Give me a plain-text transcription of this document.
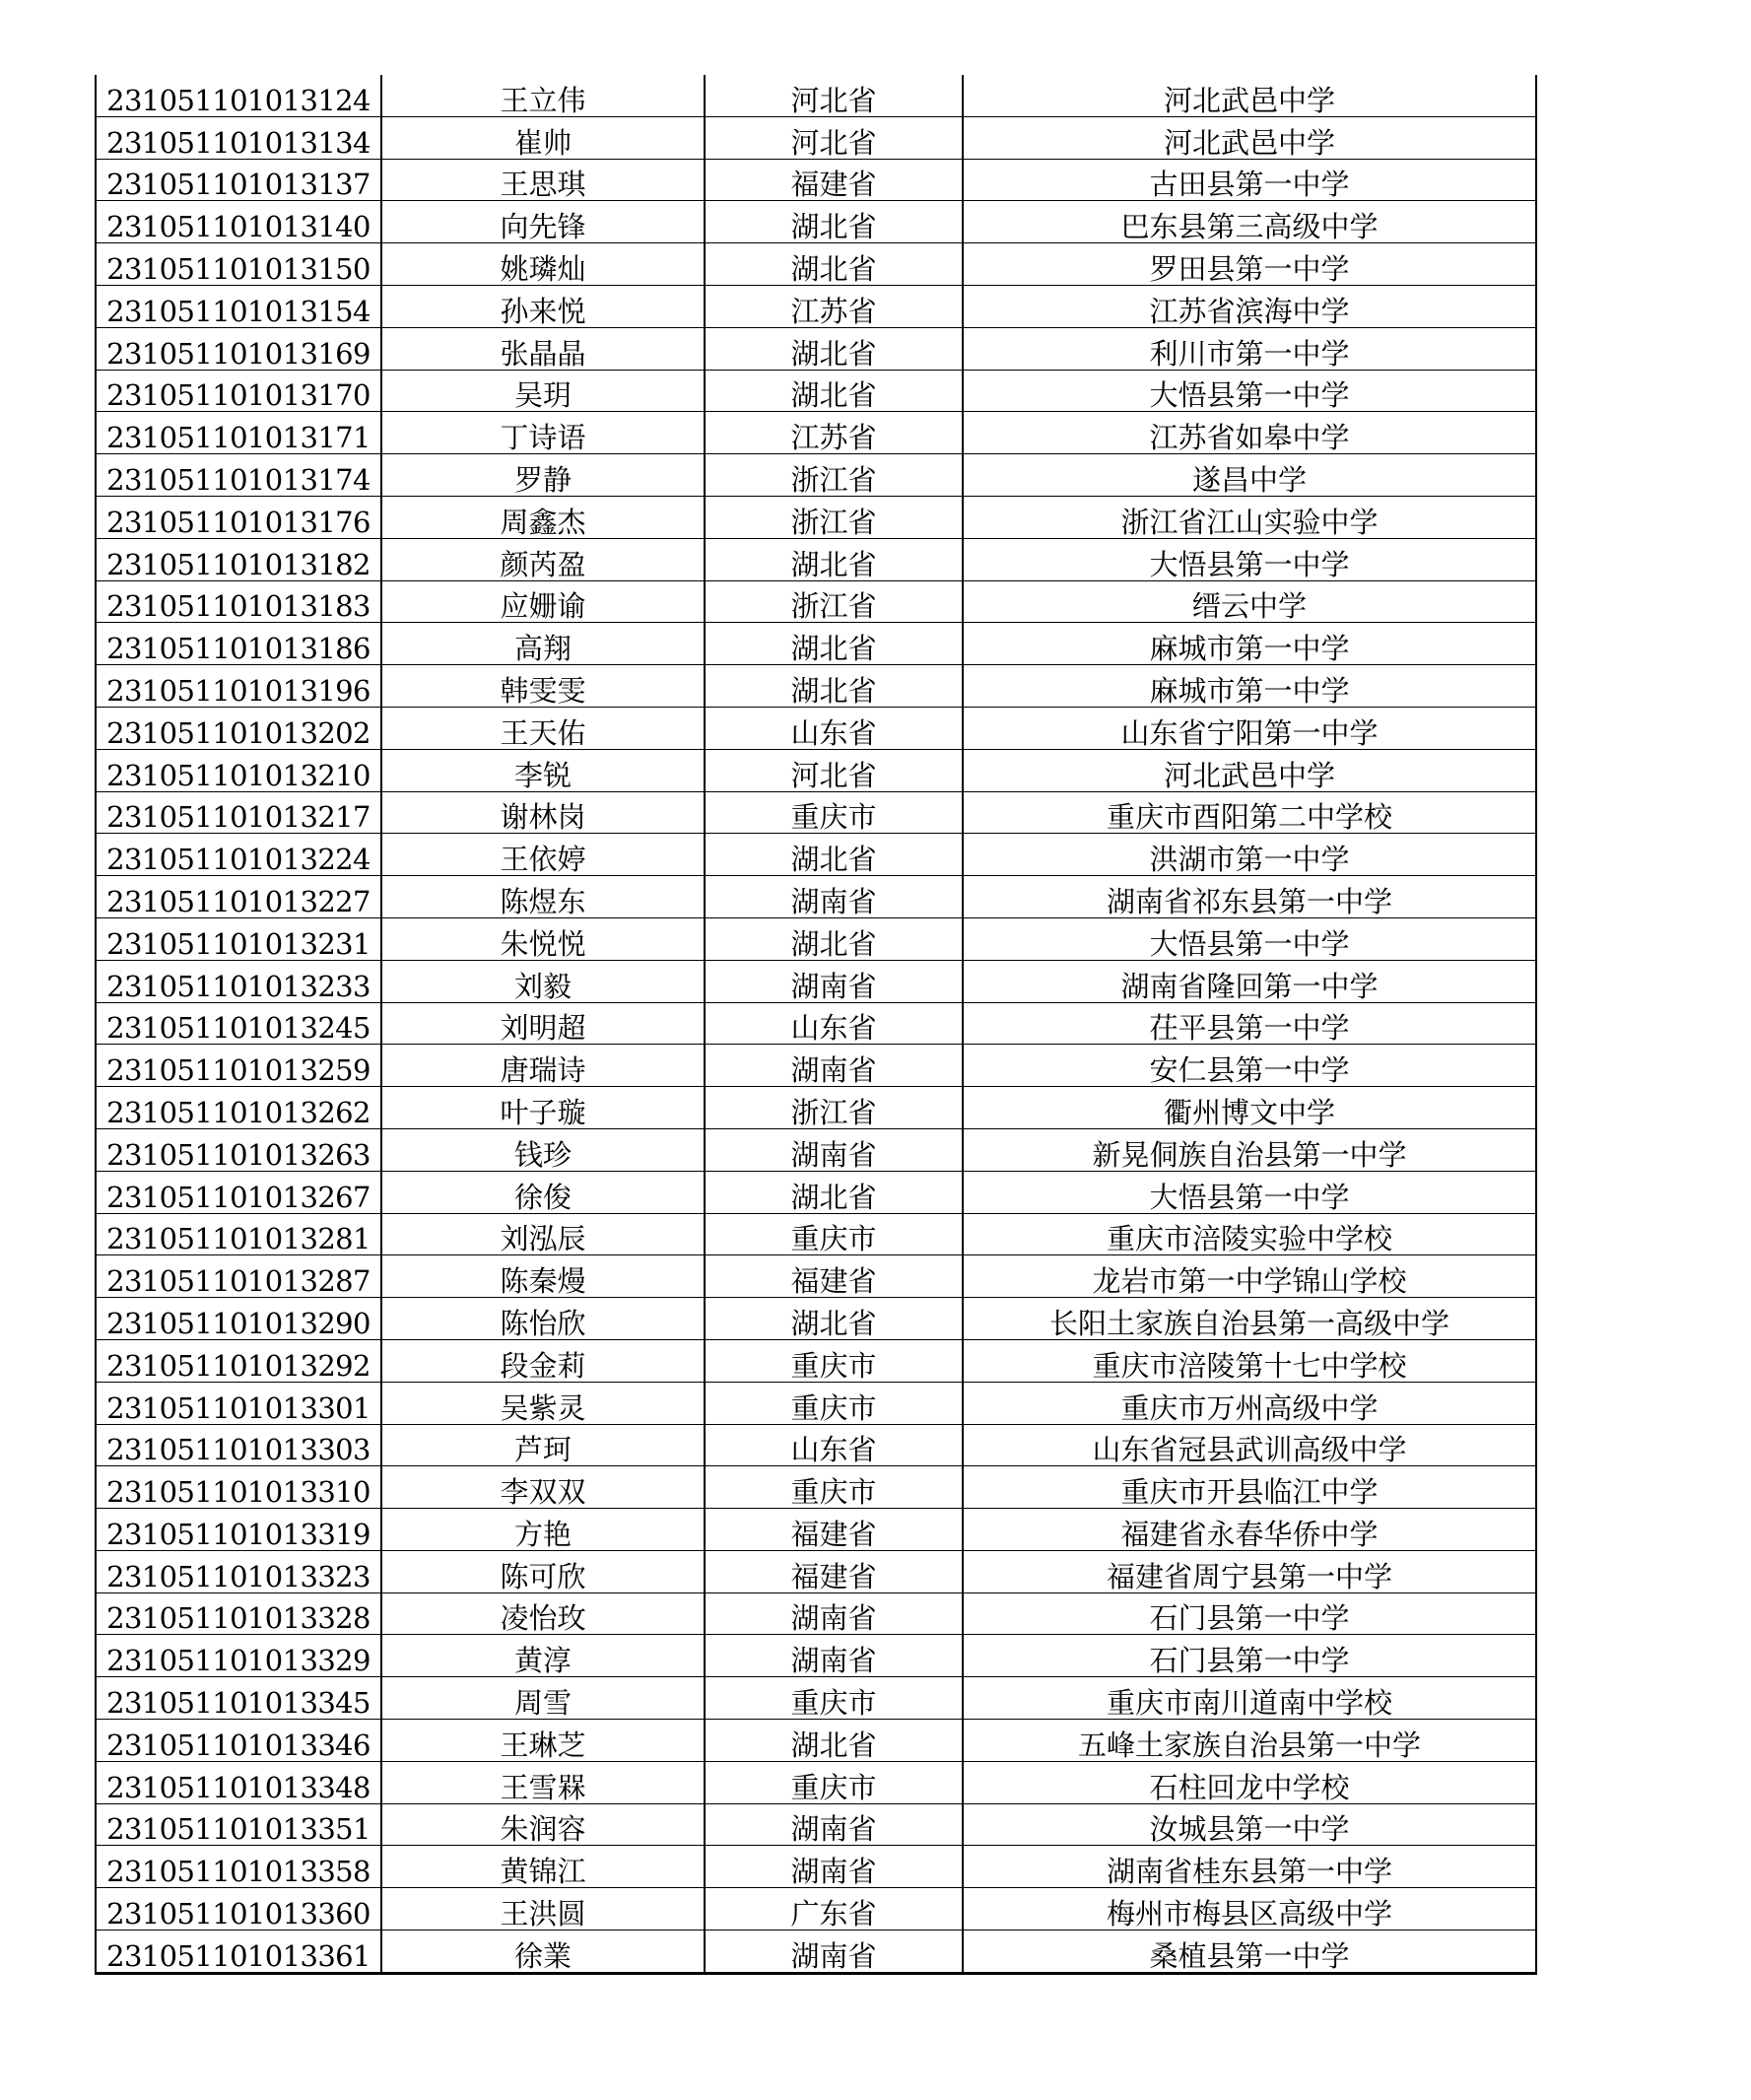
231051101013124	王立伟	河北省	河北武邑中学
231051101013134	崔帅	河北省	河北武邑中学
231051101013137	王思琪	福建省	古田县第一中学
231051101013140	向先锋	湖北省	巴东县第三高级中学
231051101013150	姚璘灿	湖北省	罗田县第一中学
231051101013154	孙来悦	江苏省	江苏省滨海中学
231051101013169	张晶晶	湖北省	利川市第一中学
231051101013170	吴玥	湖北省	大悟县第一中学
231051101013171	丁诗语	江苏省	江苏省如皋中学
231051101013174	罗静	浙江省	遂昌中学
231051101013176	周鑫杰	浙江省	浙江省江山实验中学
231051101013182	颜芮盈	湖北省	大悟县第一中学
231051101013183	应姗谕	浙江省	缙云中学
231051101013186	高翔	湖北省	麻城市第一中学
231051101013196	韩雯雯	湖北省	麻城市第一中学
231051101013202	王天佑	山东省	山东省宁阳第一中学
231051101013210	李锐	河北省	河北武邑中学
231051101013217	谢林岗	重庆市	重庆市酉阳第二中学校
231051101013224	王依婷	湖北省	洪湖市第一中学
231051101013227	陈煜东	湖南省	湖南省祁东县第一中学
231051101013231	朱悦悦	湖北省	大悟县第一中学
231051101013233	刘毅	湖南省	湖南省隆回第一中学
231051101013245	刘明超	山东省	茌平县第一中学
231051101013259	唐瑞诗	湖南省	安仁县第一中学
231051101013262	叶子璇	浙江省	衢州博文中学
231051101013263	钱珍	湖南省	新晃侗族自治县第一中学
231051101013267	徐俊	湖北省	大悟县第一中学
231051101013281	刘泓辰	重庆市	重庆市涪陵实验中学校
231051101013287	陈秦熳	福建省	龙岩市第一中学锦山学校
231051101013290	陈怡欣	湖北省	长阳土家族自治县第一高级中学
231051101013292	段金莉	重庆市	重庆市涪陵第十七中学校
231051101013301	吴紫灵	重庆市	重庆市万州高级中学
231051101013303	芦珂	山东省	山东省冠县武训高级中学
231051101013310	李双双	重庆市	重庆市开县临江中学
231051101013319	方艳	福建省	福建省永春华侨中学
231051101013323	陈可欣	福建省	福建省周宁县第一中学
231051101013328	凌怡玫	湖南省	石门县第一中学
231051101013329	黄淳	湖南省	石门县第一中学
231051101013345	周雪	重庆市	重庆市南川道南中学校
231051101013346	王琳芝	湖北省	五峰土家族自治县第一中学
231051101013348	王雪槑	重庆市	石柱回龙中学校
231051101013351	朱润容	湖南省	汝城县第一中学
231051101013358	黄锦江	湖南省	湖南省桂东县第一中学
231051101013360	王洪圆	广东省	梅州市梅县区高级中学
231051101013361	徐業	湖南省	桑植县第一中学
